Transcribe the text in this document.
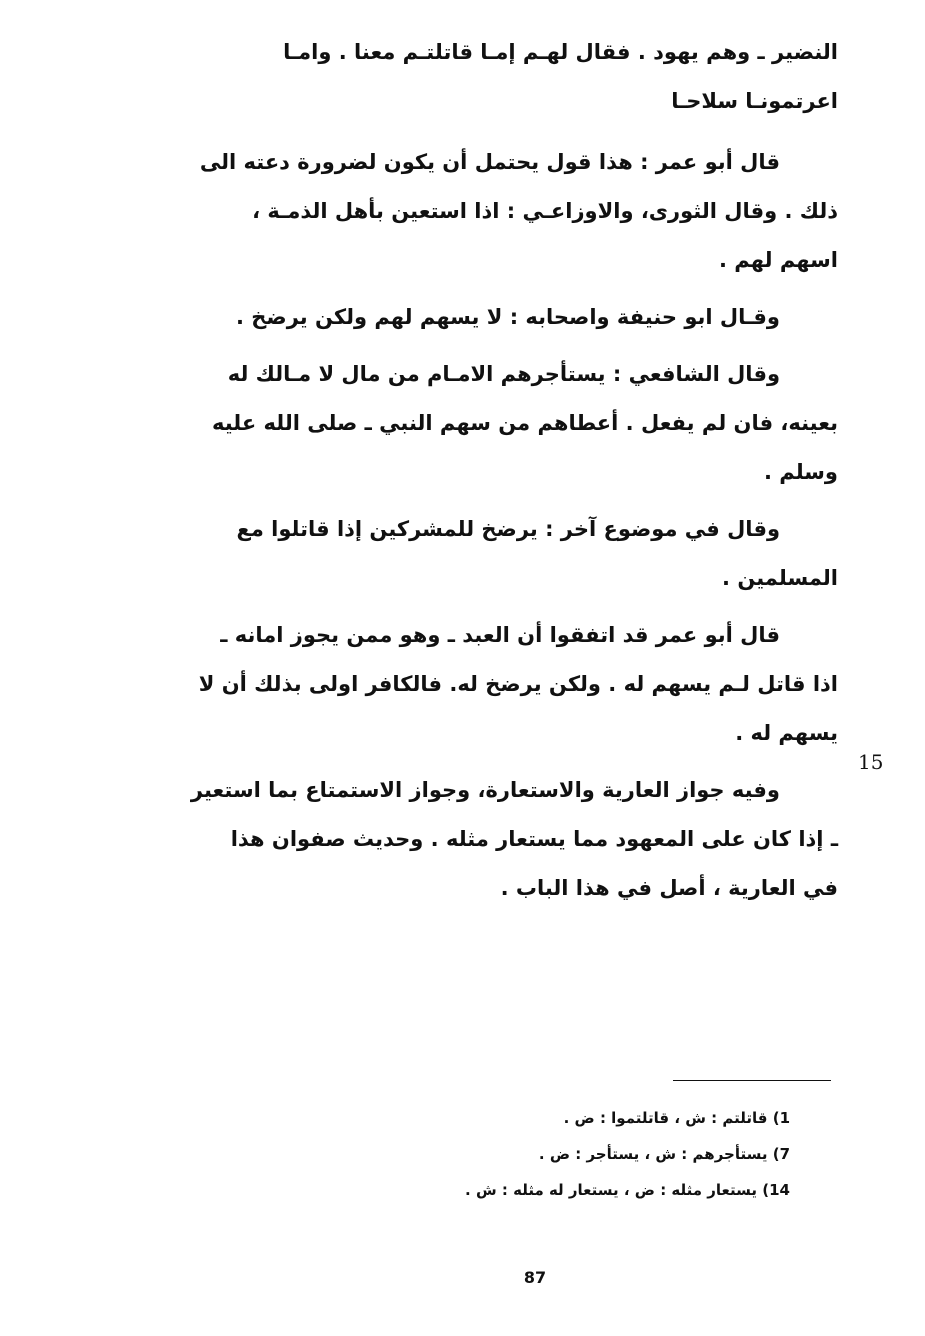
النضير ـ وهم يهود . فقال لهـم إمـا قاتلتـم معنا . وامـا اعرتمونـا سلاحـا

قال أبو عمر : هذا قول يحتمل أن يكون لضرورة دعته الى ذلك . وقال الثورى، والاوزاعـي : اذا استعين بأهل الذمـة ، اسهم لهم .

وقـال ابو حنيفة واصحابه : لا يسهم لهم ولكن يرضخ .

وقال الشافعي : يستأجرهم الامـام من مال لا مـالك له بعينه، فان لم يفعل . أعطاهم من سهم النبي ـ صلى الله عليه وسلم .

وقال في موضوع آخر : يرضخ للمشركين إذا قاتلوا مع المسلمين .

قال أبو عمر قد اتفقوا أن العبد ـ وهو ممن يجوز امانه ـ اذا قاتل لـم يسهم له . ولكن يرضخ له. فالكافر اولى بذلك أن لا يسهم له .

وفيه جواز العارية والاستعارة، وجواز الاستمتاع بما استعير ـ إذا كان على المعهود مما يستعار مثله . وحديث صفوان هذا في العارية ، أصل في هذا الباب .

15

1) قاتلتم : ش ، قاتلتموا : ض .

7) يستأجرهم : ش ، يستأجر : ض .

14) يستعار مثله : ض ، يستعار له مثله : ش .

87
